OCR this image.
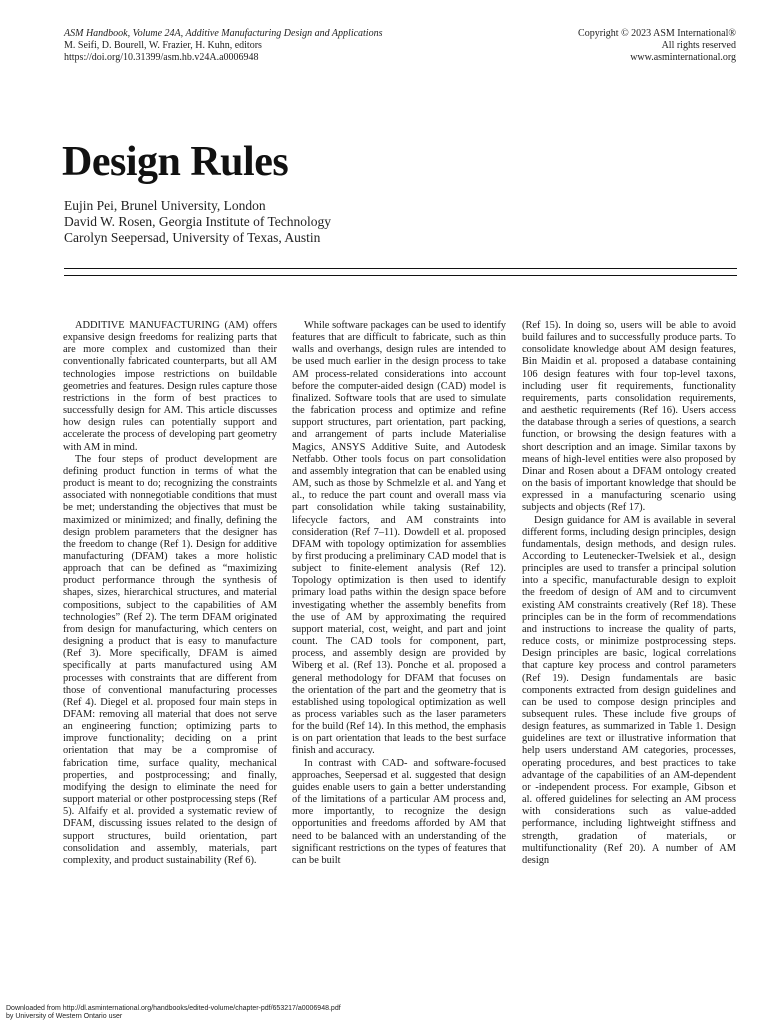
ASM Handbook, Volume 24A, Additive Manufacturing Design and Applications
M. Seifi, D. Bourell, W. Frazier, H. Kuhn, editors
https://doi.org/10.31399/asm.hb.v24A.a0006948
Copyright © 2023 ASM International®
All rights reserved
www.asminternational.org
Design Rules
Eujin Pei, Brunel University, London
David W. Rosen, Georgia Institute of Technology
Carolyn Seepersad, University of Texas, Austin

ADDITIVE MANUFACTURING (AM) offers expansive design freedoms for realizing parts that are more complex and customized than their conventionally fabricated counterparts, but all AM technologies impose restrictions on buildable geometries and features. Design rules capture those restrictions in the form of best practices to successfully design for AM. This article discusses how design rules can potentially support and accelerate the process of developing part geometry with AM in mind.

The four steps of product development are defining product function in terms of what the product is meant to do; recognizing the constraints associated with nonnegotiable conditions that must be met; understanding the objectives that must be maximized or minimized; and finally, defining the design problem parameters that the designer has the freedom to change (Ref 1). Design for additive manufacturing (DFAM) takes a more holistic approach that can be defined as “maximizing product performance through the synthesis of shapes, sizes, hierarchical structures, and material compositions, subject to the capabilities of AM technologies” (Ref 2). The term DFAM originated from design for manufacturing, which centers on designing a product that is easy to manufacture (Ref 3). More specifically, DFAM is aimed specifically at parts manufactured using AM processes with constraints that are different from those of conventional manufacturing processes (Ref 4). Diegel et al. proposed four main steps in DFAM: removing all material that does not serve an engineering function; optimizing parts to improve functionality; deciding on a print orientation that may be a compromise of fabrication time, surface quality, mechanical properties, and postprocessing; and finally, modifying the design to eliminate the need for support material or other postprocessing steps (Ref 5). Alfaify et al. provided a systematic review of DFAM, discussing issues related to the design of support structures, build orientation, part consolidation and assembly, materials, part complexity, and product sustainability (Ref 6).

While software packages can be used to identify features that are difficult to fabricate, such as thin walls and overhangs, design rules are intended to be used much earlier in the design process to take AM process-related considerations into account before the computer-aided design (CAD) model is finalized. Software tools that are used to simulate the fabrication process and optimize and refine support structures, part orientation, part packing, and arrangement of parts include Materialise Magics, ANSYS Additive Suite, and Autodesk Netfabb. Other tools focus on part consolidation and assembly integration that can be enabled using AM, such as those by Schmelzle et al. and Yang et al., to reduce the part count and overall mass via part consolidation while taking sustainability, lifecycle factors, and AM constraints into consideration (Ref 7–11). Dowdell et al. proposed DFAM with topology optimization for assemblies by first producing a preliminary CAD model that is subject to finite-element analysis (Ref 12). Topology optimization is then used to identify primary load paths within the design space before investigating whether the assembly benefits from the use of AM by approximating the required support material, cost, weight, and part and joint count. The CAD tools for component, part, process, and assembly design are provided by Wiberg et al. (Ref 13). Ponche et al. proposed a general methodology for DFAM that focuses on the orientation of the part and the geometry that is established using topological optimization as well as process variables such as the laser parameters for the build (Ref 14). In this method, the emphasis is on part orientation that leads to the best surface finish and accuracy.

In contrast with CAD- and software-focused approaches, Seepersad et al. suggested that design guides enable users to gain a better understanding of the limitations of a particular AM process and, more importantly, to recognize the design opportunities and freedoms afforded by AM that need to be balanced with an understanding of the significant restrictions on the types of features that can be built

(Ref 15). In doing so, users will be able to avoid build failures and to successfully produce parts. To consolidate knowledge about AM design features, Bin Maidin et al. proposed a database containing 106 design features with four top-level taxons, including user fit requirements, functionality requirements, parts consolidation requirements, and aesthetic requirements (Ref 16). Users access the database through a series of questions, a search function, or browsing the design features with a short description and an image. Similar taxons by means of high-level entities were also proposed by Dinar and Rosen about a DFAM ontology created on the basis of important knowledge that should be expressed in a manufacturing scenario using subjects and objects (Ref 17).

Design guidance for AM is available in several different forms, including design principles, design fundamentals, design methods, and design rules. According to Leutenecker-Twelsiek et al., design principles are used to transfer a principal solution into a specific, manufacturable design to exploit the freedom of design of AM and to circumvent existing AM constraints creatively (Ref 18). These principles can be in the form of recommendations and instructions to increase the quality of parts, reduce costs, or minimize postprocessing steps. Design principles are basic, logical correlations that capture key process and control parameters (Ref 19). Design fundamentals are basic components extracted from design guidelines and can be used to compose design principles and subsequent rules. These include five groups of design features, as summarized in Table 1. Design guidelines are text or illustrative information that help users understand AM categories, processes, operating procedures, and best practices to take advantage of the capabilities of an AM-dependent or -independent process. For example, Gibson et al. offered guidelines for selecting an AM process with considerations such as value-added performance, including lightweight stiffness and strength, gradation of materials, or multifunctionality (Ref 20). A number of AM design

Downloaded from http://dl.asminternational.org/handbooks/edited-volume/chapter-pdf/653217/a0006948.pdf
by University of Western Ontario user
